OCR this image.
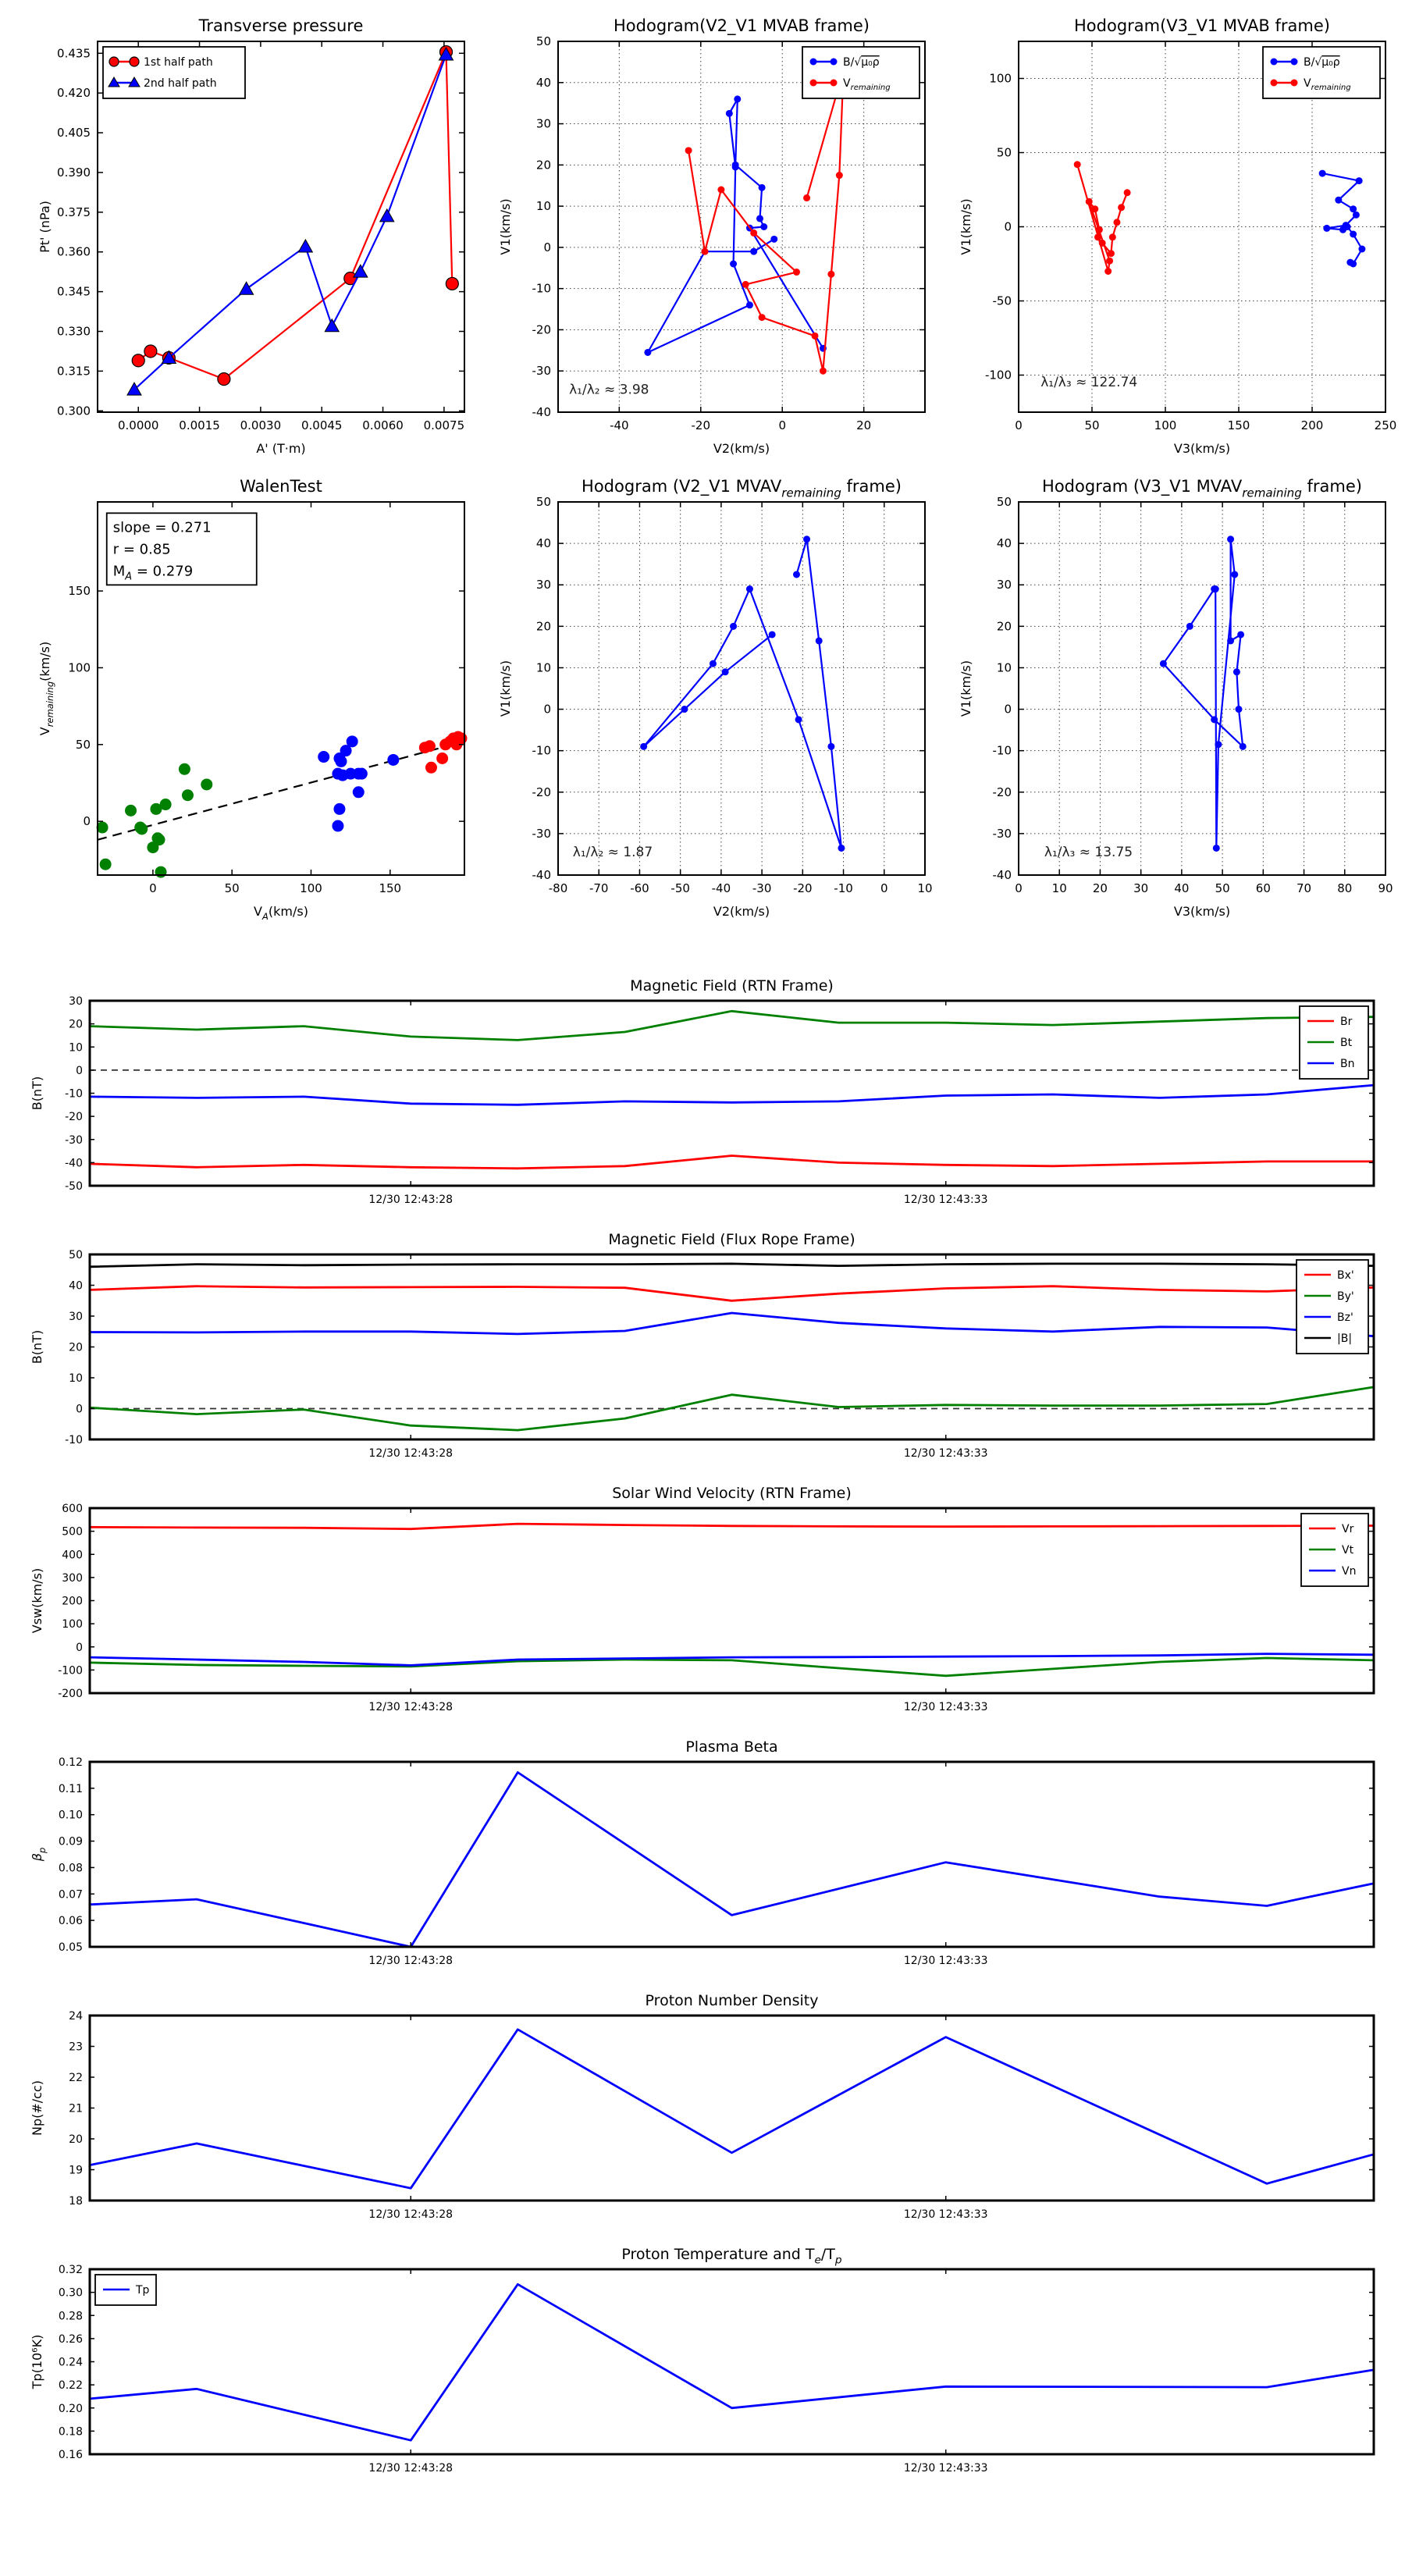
0.0000 0.0015 0.0030 0.0045 0.0060 0.0075
0.300
0.315
0.330
0.345
0.360
0.375
0.390
0.405
0.420
0.435
Transverse pressure
A' (T·m)
Pt' (nPa)
1st half path
2nd half path
-40	-20	0	20
-40
-30
-20
-10
0
10
20
30
40
50
Hodogram(V2_V1 MVAB frame)
V2(km/s)
V1(km/s)
B/√μ₀ρ
$V_{remaining}$
λ₁/λ₂ ≈ 3.98
0	50	100	150	200	250
-100
-50
0
50
100
Hodogram(V3_V1 MVAB frame)
V3(km/s)
V1(km/s)
B/√μ₀ρ
$V_{remaining}$
λ₁/λ₃ ≈ 122.74
0	50	100	150
0
50
100
150
WalenTest
$V_A(km/s)$
$V_{remaining}(km/s)$
slope = 0.271
r = 0.85
$M_A = 0.279$
-80 -70 -60 -50 -40 -30 -20 -10 0	10
-40
-30
-20
-10
0
10
20
30
40
50
Hodogram (V2_V1 $MVAV_{remaining}$ frame)
V2(km/s)
V1(km/s)
λ₁/λ₂ ≈ 1.87
0	10 20 30 40 50 60 70 80 90
-40
-30
-20
-10
0
10
20
30
40
50
Hodogram (V3_V1 $MVAV_{remaining}$ frame)
V3(km/s)
V1(km/s)
λ₁/λ₃ ≈ 13.75
12/30 12:43:28	12/30 12:43:33
-50
-40
-30
-20
-10
0
10
20
30
Magnetic Field (RTN Frame)
B(nT)
Br
Bt
Bn
12/30 12:43:28	12/30 12:43:33
-10
0
10
20
30
40
50
Magnetic Field (Flux Rope Frame)
B(nT)
Bx'
By'
Bz'
|B|
12/30 12:43:28	12/30 12:43:33
-200
-100
0
100
200
300
400
500
600
Solar Wind Velocity (RTN Frame)
Vsw(km/s)
Vr
Vt
Vn
12/30 12:43:28	12/30 12:43:33
0.05
0.06
0.07
0.08
0.09
0.10
0.11
0.12
Plasma Beta
$\beta_p$
12/30 12:43:28	12/30 12:43:33
18
19
20
21
22
23
24
Proton Number Density
Np(#/cc)
12/30 12:43:28	12/30 12:43:33
0.16
0.18
0.20
0.22
0.24
0.26
0.28
0.30
0.32
Proton Temperature and $T_e/T_p$
Tp(10⁶K)
Tp
